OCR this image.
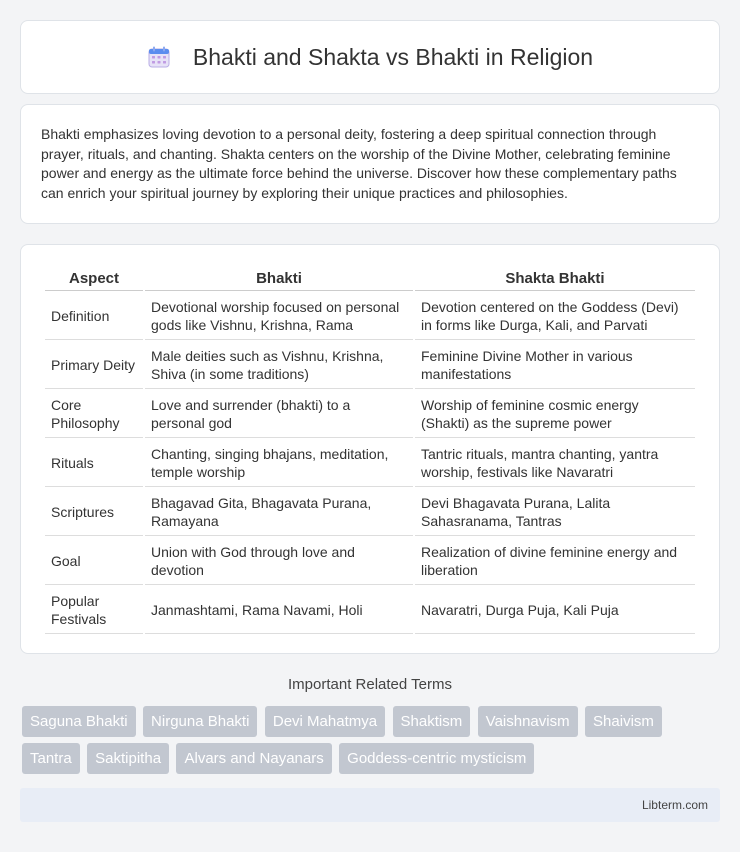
Bhakti and Shakta vs Bhakti in Religion

Bhakti emphasizes loving devotion to a personal deity, fostering a deep spiritual connection through prayer, rituals, and chanting. Shakta centers on the worship of the Divine Mother, celebrating feminine power and energy as the ultimate force behind the universe. Discover how these complementary paths can enrich your spiritual journey by exploring their unique practices and philosophies.

Aspect	Bhakti	Shakta Bhakti
Definition	Devotional worship focused on personal gods like Vishnu, Krishna, Rama	Devotion centered on the Goddess (Devi) in forms like Durga, Kali, and Parvati
Primary Deity	Male deities such as Vishnu, Krishna, Shiva (in some traditions)	Feminine Divine Mother in various manifestations
Core Philosophy	Love and surrender (bhakti) to a personal god	Worship of feminine cosmic energy (Shakti) as the supreme power
Rituals	Chanting, singing bhajans, meditation, temple worship	Tantric rituals, mantra chanting, yantra worship, festivals like Navaratri
Scriptures	Bhagavad Gita, Bhagavata Purana, Ramayana	Devi Bhagavata Purana, Lalita Sahasranama, Tantras
Goal	Union with God through love and devotion	Realization of divine feminine energy and liberation
Popular Festivals	Janmashtami, Rama Navami, Holi	Navaratri, Durga Puja, Kali Puja
Important Related Terms
Saguna Bhakti Nirguna Bhakti Devi Mahatmya Shaktism Vaishnavism Shaivism Tantra Saktipitha Alvars and Nayanars Goddess-centric mysticism
Libterm.com
